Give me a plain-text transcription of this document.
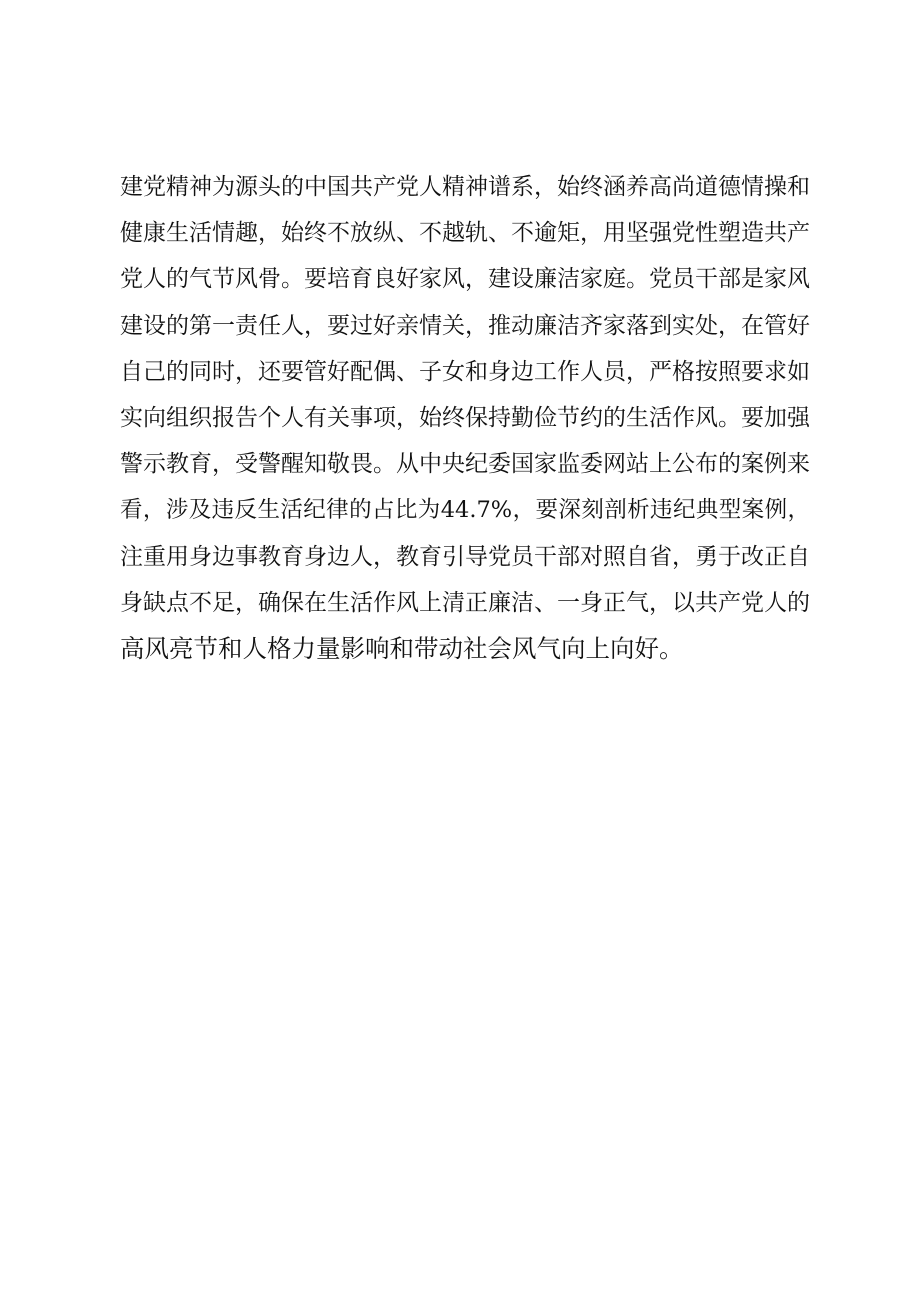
建党精神为源头的中国共产党人精神谱系，始终涵养高尚道德情操和
健康生活情趣，始终不放纵、不越轨、不逾矩，用坚强党性塑造共产
党人的气节风骨。要培育良好家风，建设廉洁家庭。党员干部是家风
建设的第一责任人，要过好亲情关，推动廉洁齐家落到实处，在管好
自己的同时，还要管好配偶、子女和身边工作人员，严格按照要求如
实向组织报告个人有关事项，始终保持勤俭节约的生活作风。要加强
警示教育，受警醒知敬畏。从中央纪委国家监委网站上公布的案例来
看，涉及违反生活纪律的占比为44.7%，要深刻剖析违纪典型案例，
注重用身边事教育身边人，教育引导党员干部对照自省，勇于改正自
身缺点不足，确保在生活作风上清正廉洁、一身正气，以共产党人的
高风亮节和人格力量影响和带动社会风气向上向好。
